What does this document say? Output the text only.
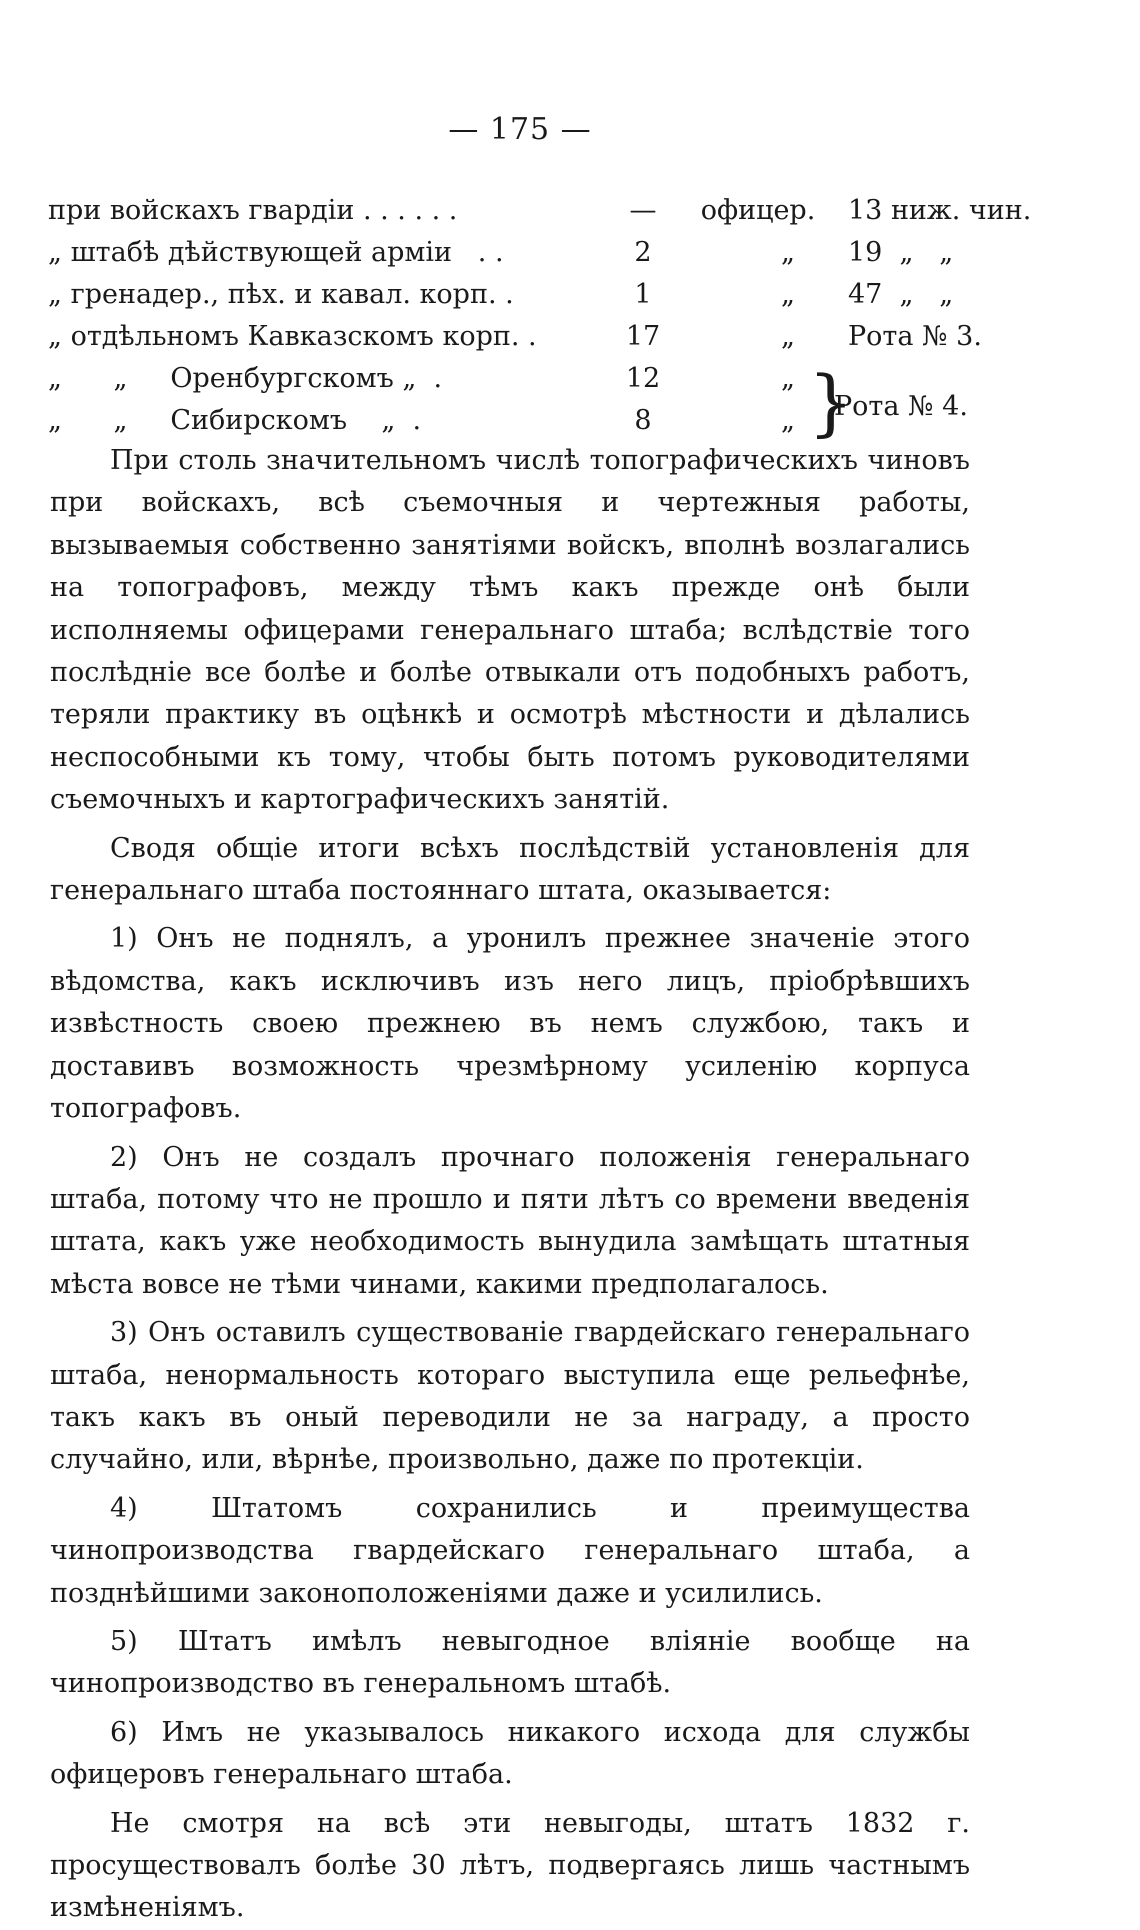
— 175 —
при войскахъ гвардіи . . . . . .	—	офицер.	13 ниж. чин.
„ штабѣ дѣйствующей арміи   . .	2	„	19  „   „
„ гренадер., пѣх. и кавал. корп. .	1	„	47  „   „
„ отдѣльномъ Кавказскомъ корп. .	17	„	Рота № 3.
„      „     Оренбургскомъ „  .	12	„
„      „     Сибирскомъ    „  .	8	„ }
Рота № 4.

При столь значительномъ числѣ топографическихъ чиновъ при войскахъ, всѣ съемочныя и чертежныя работы, вызываемыя собственно занятіями войскъ, вполнѣ возлагались на топографовъ, между тѣмъ какъ прежде онѣ были исполняемы офицерами генеральнаго штаба; вслѣдствіе того послѣдніе все болѣе и болѣе отвыкали отъ подобныхъ работъ, теряли практику въ оцѣнкѣ и осмотрѣ мѣстности и дѣлались неспособными къ тому, чтобы быть потомъ руководителями съемочныхъ и картографическихъ занятій.

Сводя общіе итоги всѣхъ послѣдствій установленія для генеральнаго штаба постояннаго штата, оказывается:

1) Онъ не поднялъ, а уронилъ прежнее значеніе этого вѣдомства, какъ исключивъ изъ него лицъ, пріобрѣвшихъ извѣстность своею прежнею въ немъ службою, такъ и доставивъ возможность чрезмѣрному усиленію корпуса топографовъ.

2) Онъ не создалъ прочнаго положенія генеральнаго штаба, потому что не прошло и пяти лѣтъ со времени введенія штата, какъ уже необходимость вынудила замѣщать штатныя мѣста вовсе не тѣми чинами, какими предполагалось.

3) Онъ оставилъ существованіе гвардейскаго генеральнаго штаба, ненормальность котораго выступила еще рельефнѣе, такъ какъ въ оный переводили не за награду, а просто случайно, или, вѣрнѣе, произвольно, даже по протекціи.

4) Штатомъ сохранились и преимущества чинопроизводства гвардейскаго генеральнаго штаба, а позднѣйшими законоположеніями даже и усилились.

5) Штатъ имѣлъ невыгодное вліяніе вообще на чинопроизводство въ генеральномъ штабѣ.

6) Имъ не указывалось никакого исхода для службы офицеровъ генеральнаго штаба.

Не смотря на всѣ эти невыгоды, штатъ 1832 г. просуществовалъ болѣе 30 лѣтъ, подвергаясь лишь частнымъ измѣненіямъ.
